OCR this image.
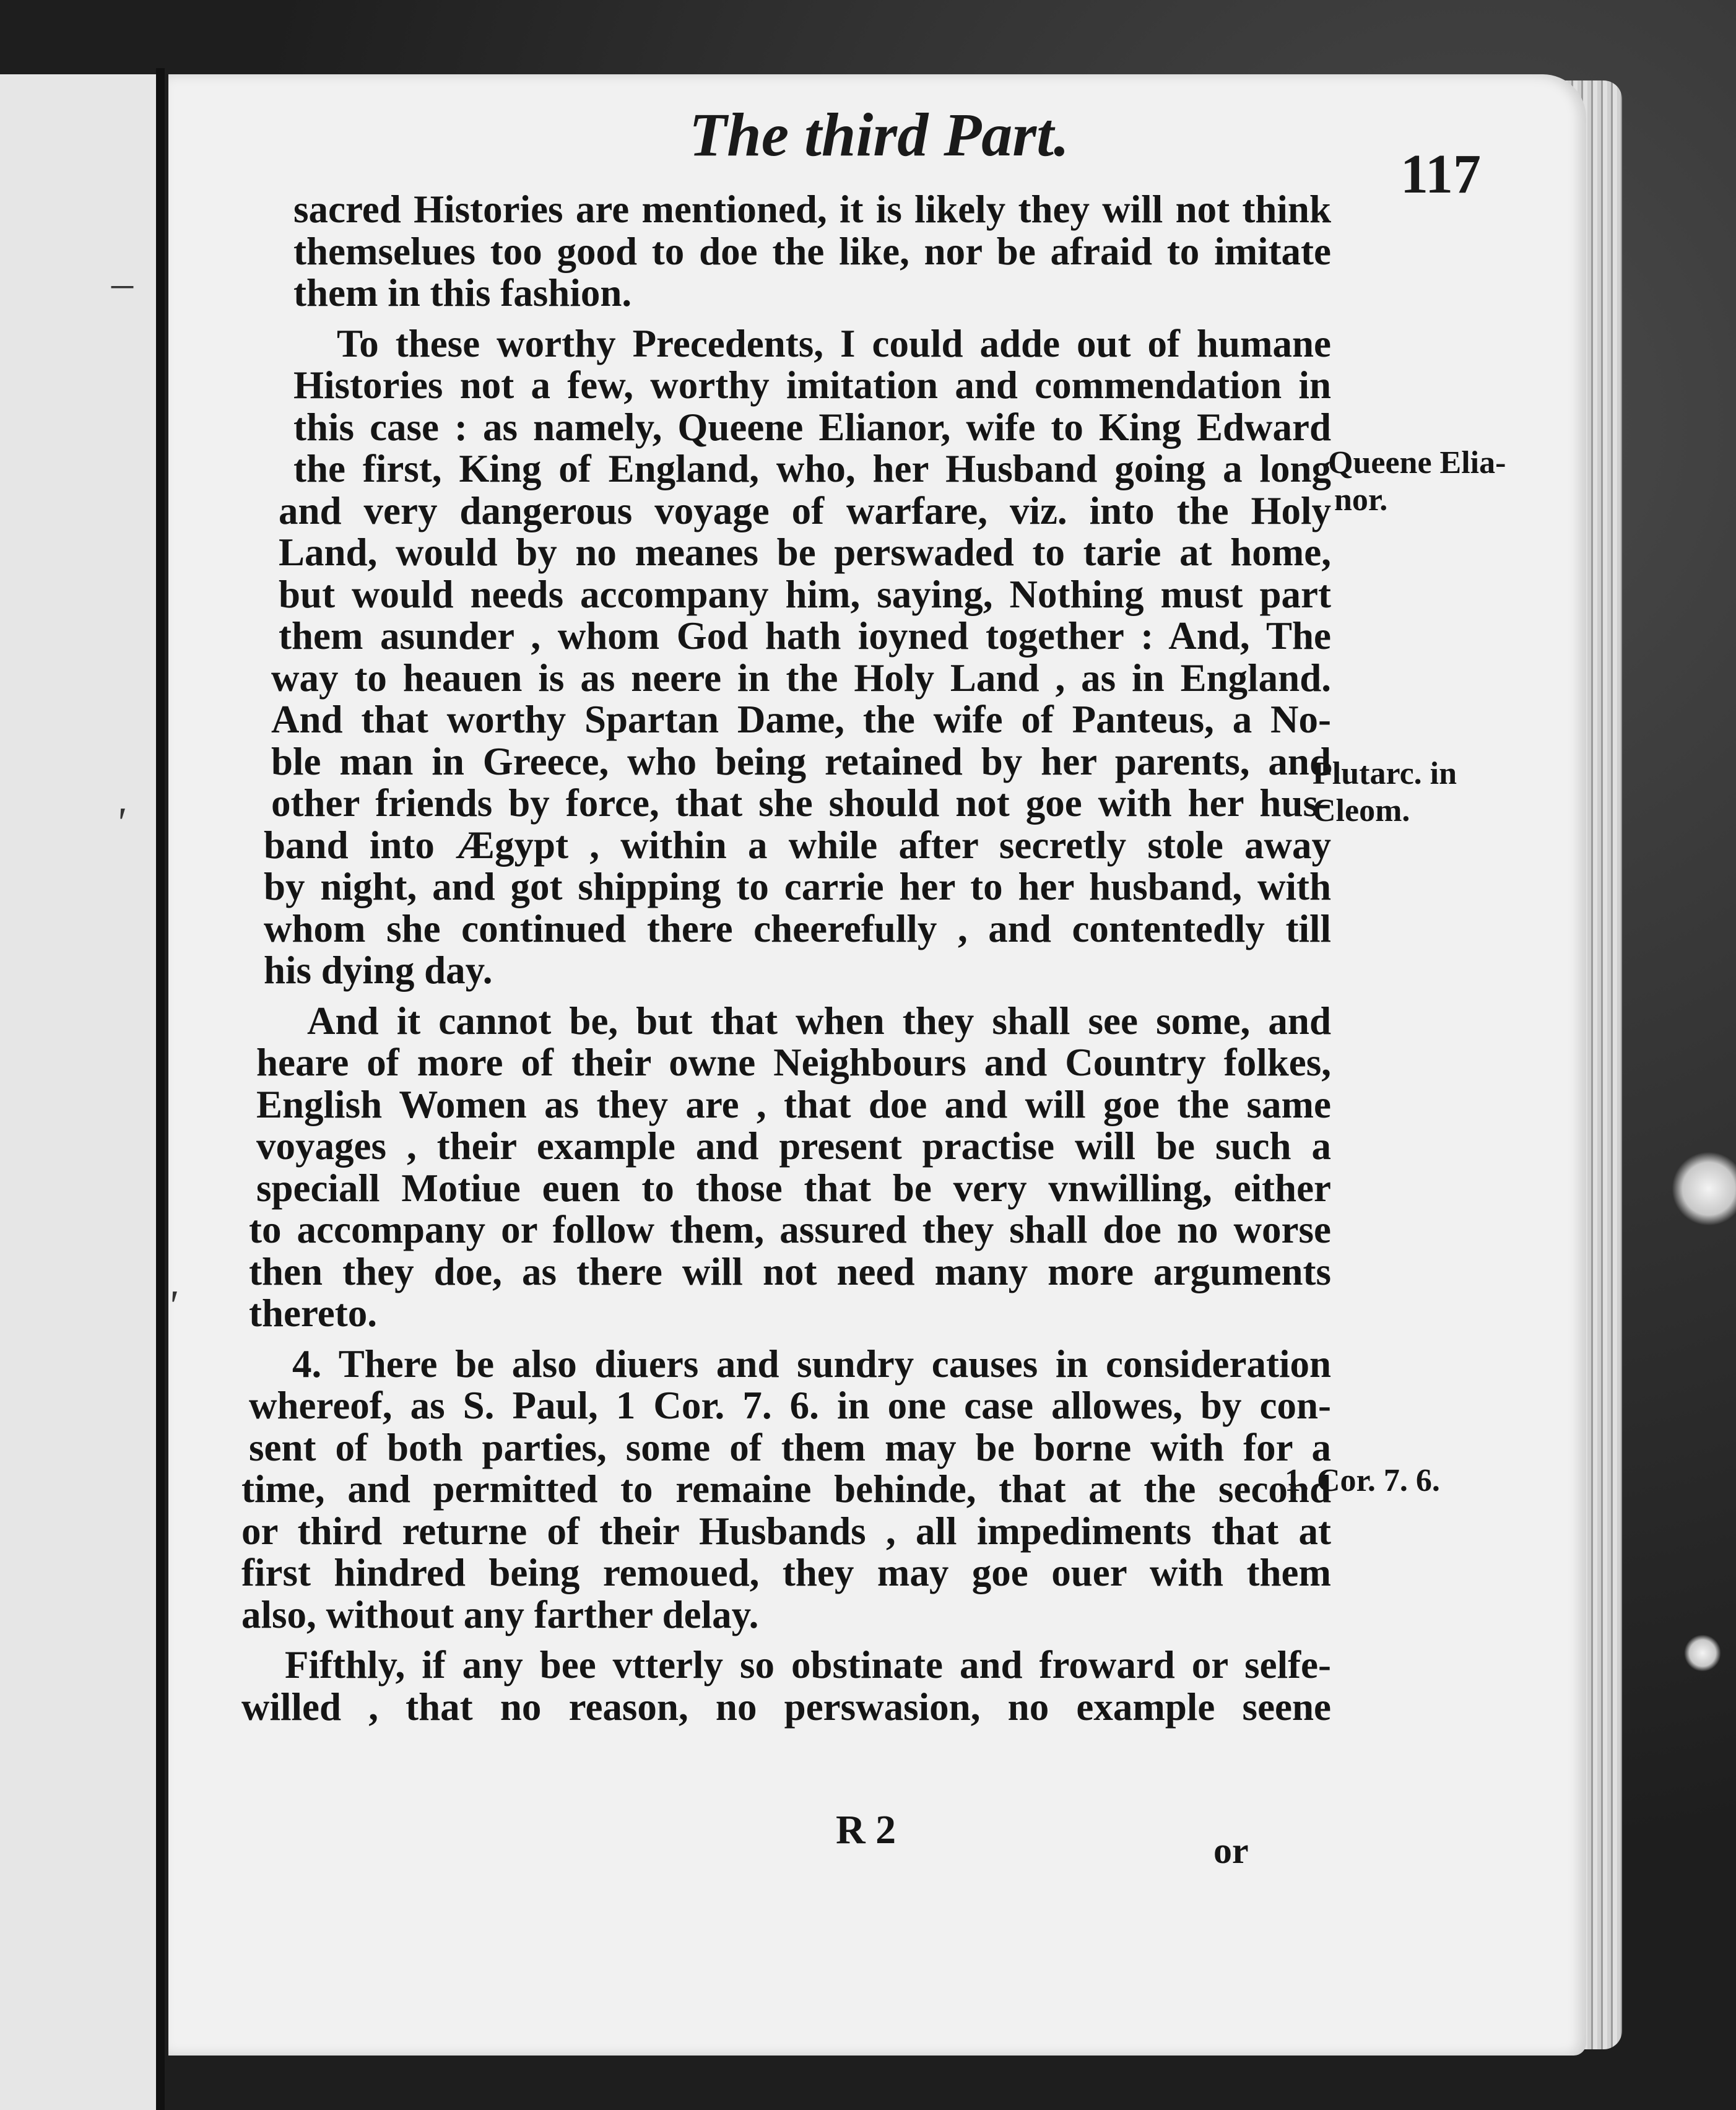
–
'
'
The third Part.
117
sacred Histories are mentioned, it is likely they will not think
themselues too good to doe the like, nor be afraid to imitate
them in this fashion.
To these worthy Precedents, I could adde out of humane
Histories not a few, worthy imitation and commendation in
this case : as namely, Queene Elianor, wife to King Edward
the first, King of England, who, her Husband going a long
and very dangerous voyage of warfare, viz. into the Holy
Land, would by no meanes be perswaded to tarie at home,
but would needs accompany him, saying, Nothing must part
them asunder , whom God hath ioyned together : And, The
way to heauen is as neere in the Holy Land , as in England.
And that worthy Spartan Dame, the wife of Panteus, a No-
ble man in Greece, who being retained by her parents, and
other friends by force, that she should not goe with her hus-
band into Ægypt , within a while after secretly stole away
by night, and got shipping to carrie her to her husband, with
whom she continued there cheerefully , and contentedly till
his dying day.
And it cannot be, but that when they shall see some, and
heare of more of their owne Neighbours and Country folkes,
English Women as they are , that doe and will goe the same
voyages , their example and present practise will be such a
speciall Motiue euen to those that be very vnwilling, either
to accompany or follow them, assured they shall doe no worse
then they doe, as there will not need many more arguments
thereto.
4. There be also diuers and sundry causes in consideration
whereof, as S. Paul, 1 Cor. 7. 6. in one case allowes, by con-
sent of both parties, some of them may be borne with for a
time, and permitted to remaine behinde, that at the second
or third returne of their Husbands , all impediments that at
first hindred being remoued, they may goe ouer with them
also, without any farther delay.
Fifthly, if any bee vtterly so obstinate and froward or selfe-
willed , that no reason, no perswasion, no example seene
Queene Elia-
nor.
Plutarc. in
Cleom.
1. Cor. 7. 6.
R 2	or
